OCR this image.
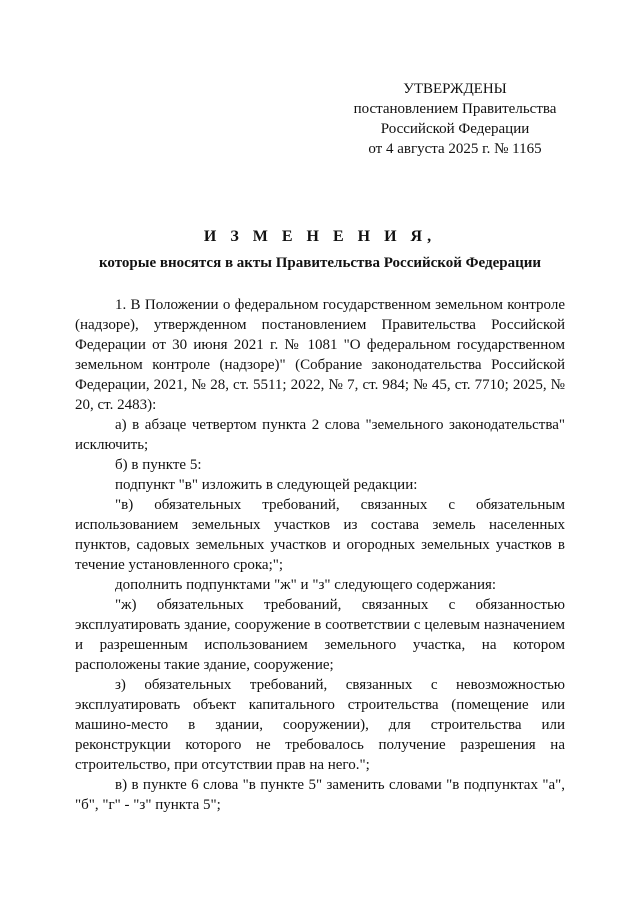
УТВЕРЖДЕНЫ
постановлением Правительства
Российской Федерации
от 4 августа 2025 г. № 1165
И З М Е Н Е Н И Я,
которые вносятся в акты Правительства Российской Федерации

1. В Положении о федеральном государственном земельном контроле (надзоре), утвержденном постановлением Правительства Российской Федерации от 30 июня 2021 г. № 1081 "О федеральном государственном земельном контроле (надзоре)" (Собрание законодательства Российской Федерации, 2021, № 28, ст. 5511; 2022, № 7, ст. 984; № 45, ст. 7710; 2025, № 20, ст. 2483):

а) в абзаце четвертом пункта 2 слова "земельного законодательства" исключить;

б) в пункте 5:

подпункт "в" изложить в следующей редакции:

"в) обязательных требований, связанных с обязательным использованием земельных участков из состава земель населенных пунктов, садовых земельных участков и огородных земельных участков в течение установленного срока;";

дополнить подпунктами "ж" и "з" следующего содержания:

"ж) обязательных требований, связанных с обязанностью эксплуатировать здание, сооружение в соответствии с целевым назначением и разрешенным использованием земельного участка, на котором расположены такие здание, сооружение;

з) обязательных требований, связанных с невозможностью эксплуатировать объект капитального строительства (помещение или машино-место в здании, сооружении), для строительства или реконструкции которого не требовалось получение разрешения на строительство, при отсутствии прав на него.";

в) в пункте 6 слова "в пункте 5" заменить словами "в подпунктах "а", "б", "г" - "з" пункта 5";
